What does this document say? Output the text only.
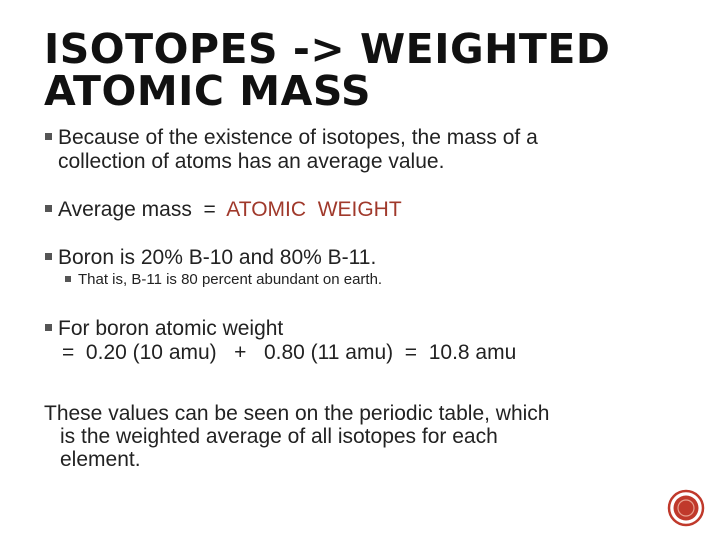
ISOTOPES -> WEIGHTED ATOMIC MASS
Because of the existence of isotopes, the mass of a
collection of atoms has an average value.
Average mass  =  ATOMIC  WEIGHT
Boron is 20% B-10 and 80% B-11.
That is, B-11 is 80 percent abundant on earth.
For boron atomic weight
=  0.20 (10 amu)   +   0.80 (11 amu)  =  10.8 amu
These values can be seen on the periodic table, which
is the weighted average of all isotopes for each
element.
